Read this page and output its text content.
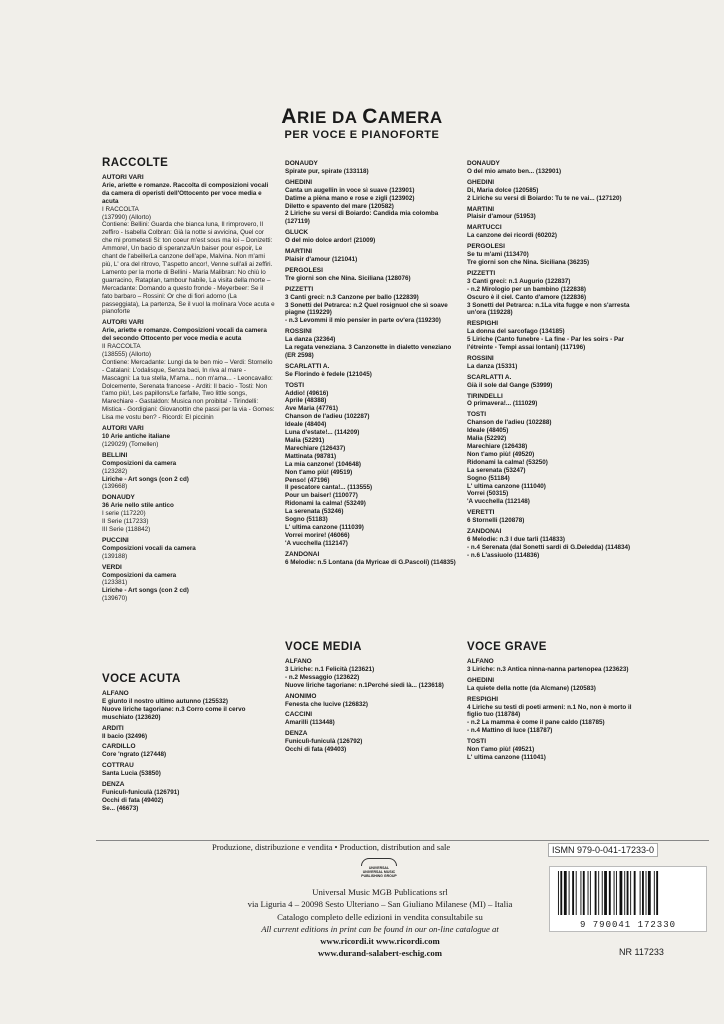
ARIE DA CAMERA
PER VOCE E PIANOFORTE
RACCOLTE
AUTORI VARI
Arie, ariette e romanze. Raccolta di composizioni vocali da camera di operisti dell'Ottocento per voce media e acuta
I RACCOLTA
(137990) (Allorto)
Contiene: Bellini: Guarda che bianca luna, Il rimprovero, Il zeffiro - Isabella Colbran: Già la notte si avvicina, Quel cor che mi prometesti Si: ton coeur m'est sous ma loi – Donizetti: Ammore!, Un bacio di speranza/Un baiser pour espoir, Le chant de l'abeille/La canzone dell'ape, Malvina. Non m'ami più, L' ora del ritrovo, T'aspetto ancor!, Venne sull'ali ai zeffiri. Lamento per la morte di Bellini - Maria Malibran: No chiù lo guarracino, Rataplan, tambour habile, La visita della morte – Mercadante: Domando a questo fronde - Meyerbeer: Se il fato barbaro – Rossini: Or che di fiori adorno (La passeggiata), La partenza, Se il vuol la molinara Voce acuta e pianoforte
AUTORI VARI
Arie, ariette e romanze. Composizioni vocali da camera del secondo Ottocento per voce media e acuta
II RACCOLTA
(138555) (Allorto)
Contiene: Mercadante: Lungi da te ben mio – Verdi: Stornello - Catalani: L'odalisque, Senza baci, In riva al mare - Mascagni: La tua stella, M'ama... non m'ama... - Leoncavallo: Dolcemente, Serenata francese - Arditi: Il bacio - Tosti: Non t'amo più!, Les papillons/Le farfalle, Two little songs, Marechiare - Gastaldon: Musica non proibita! - Tirindelli: Mistica - Gordigiani: Giovanottin che passi per la via - Gomes: Lisa me vostu ben? - Ricordi: El piccinin
AUTORI VARI
10 Arie antiche italiane
(129029) (Tomellen)
BELLINI
Composizioni da camera
(123282)
Liriche - Art songs (con 2 cd)
(139668)
DONAUDY
36 Arie nello stile antico
I serie (117220)
II Serie (117233)
III Serie (118842)
PUCCINI
Composizioni vocali da camera
(139188)
VERDI
Composizioni da camera
(123381)
Liriche - Art songs (con 2 cd)
(139670)
VOCE ACUTA
ALFANO
E giunto il nostro ultimo autunno (125532)
Nuove liriche tagoriane: n.3 Corro come il cervo muschiato (123620)
ARDITI
Il bacio (32496)
CARDILLO
Core 'ngrato (127448)
COTTRAU
Santa Lucia (53850)
DENZA
Funiculì-funiculà (126791)
Occhi di fata (49402)
Se... (46673)
DONAUDY
Spirate pur, spirate (133118)
GHEDINI
Canta un augellin in voce sì suave (123901)
Datime a pièna mano e rose e zigli (123902)
Diletto e spavento del mare (120582)
2 Liriche su versi di Boiardo: Candida mia colomba (127119)
GLUCK
O del mio dolce ardor! (21009)
MARTINI
Plaisir d'amour (121041)
PERGOLESI
Tre giorni son che Nina. Siciliana (128076)
PIZZETTI
3 Canti greci: n.3 Canzone per ballo (122839)
3 Sonetti del Petrarca: n.2 Quel rosignuol che sì soave piagne (119229)
- n.3 Levommi il mio pensier in parte ov'era (119230)
ROSSINI
La danza (32364)
La regata veneziana. 3 Canzonette in dialetto veneziano (ER 2598)
SCARLATTI A.
Se Florindo è fedele (121045)
TOSTI
Addio! (49616)
Aprile (48388)
Ave Maria (47761)
Chanson de l'adieu (102287)
Ideale (48404)
Luna d'estate!... (114209)
Malia (52291)
Marechiare (126437)
Mattinata (98781)
La mia canzone! (104648)
Non t'amo più! (49519)
Penso! (47196)
Il pescatore canta!... (113555)
Pour un baiser! (110077)
Ridonami la calma! (53249)
La serenata (53246)
Sogno (51183)
L' ultima canzone (111039)
Vorrei morire! (46066)
'A vucchella (112147)
ZANDONAI
6 Melodie: n.5 Lontana (da Myricae di G.Pascoli) (114835)
VOCE MEDIA
ALFANO
3 Liriche: n.1 Felicità (123621)
- n.2 Messaggio (123622)
Nuove liriche tagoriane: n.1Perché siedi là... (123618)
ANONIMO
Fenesta che lucive (126832)
CACCINI
Amarilli (113448)
DENZA
Funiculì-funiculà (126792)
Occhi di fata (49403)
DONAUDY
O del mio amato ben... (132901)
GHEDINI
Di, Maria dolce (120585)
2 Liriche su versi di Boiardo: Tu te ne vai... (127120)
MARTINI
Plaisir d'amour (51953)
MARTUCCI
La canzone dei ricordi (60202)
PERGOLESI
Se tu m'ami (113470)
Tre giorni son che Nina. Siciliana (36235)
PIZZETTI
3 Canti greci: n.1 Augurio (122837)
- n.2 Mirologio per un bambino (122838)
Oscuro è il ciel. Canto d'amore (122836)
3 Sonetti del Petrarca: n.1La vita fugge e non s'arresta un'ora (119228)
RESPIGHI
La donna del sarcofago (134185)
5 Liriche (Canto funebre - La fine - Par les soirs - Par l'étreinte - Tempi assai lontani) (117196)
ROSSINI
La danza (15331)
SCARLATTI A.
Già il sole dal Gange (53999)
TIRINDELLI
O primavera!... (111029)
TOSTI
Chanson de l'adieu (102288)
Ideale (48405)
Malia (52292)
Marechiare (126438)
Non t'amo più! (49520)
Ridonami la calma! (53250)
La serenata (53247)
Sogno (51184)
L' ultima canzone (111040)
Vorrei (50315)
'A vucchella (112148)
VERETTI
6 Stornelli (120878)
ZANDONAI
6 Melodie: n.3 I due tarli (114833)
- n.4 Serenata (dal Sonetti sardi di G.Deledda) (114834)
- n.6 L'assiuolo (114836)
VOCE GRAVE
ALFANO
3 Liriche: n.3 Antica ninna-nanna partenopea (123623)
GHEDINI
La quiete della notte (da Alcmane) (120583)
RESPIGHI
4 Liriche su testi di poeti armeni: n.1 No, non è morto il figlio tuo (118784)
- n.2 La mamma è come il pane caldo (118785)
- n.4 Mattino di luce (118787)
TOSTI
Non t'amo più! (49521)
L' ultima canzone (111041)
Produzione, distribuzione e vendita • Production, distribution and sale
UNIVERSAL
UNIVERSAL MUSIC
PUBLISHING GROUP
Universal Music MGB Publications srl
via Liguria 4 – 20098 Sesto Ulteriano – San Giuliano Milanese (MI) – Italia
Catalogo completo delle edizioni in vendita consultabile su
All current editions in print can be found in our on-line catalogue at
www.ricordi.it www.ricordi.com
www.durand-salabert-eschig.com
ISMN 979-0-041-17233-0
9 790041 172330
NR 117233
